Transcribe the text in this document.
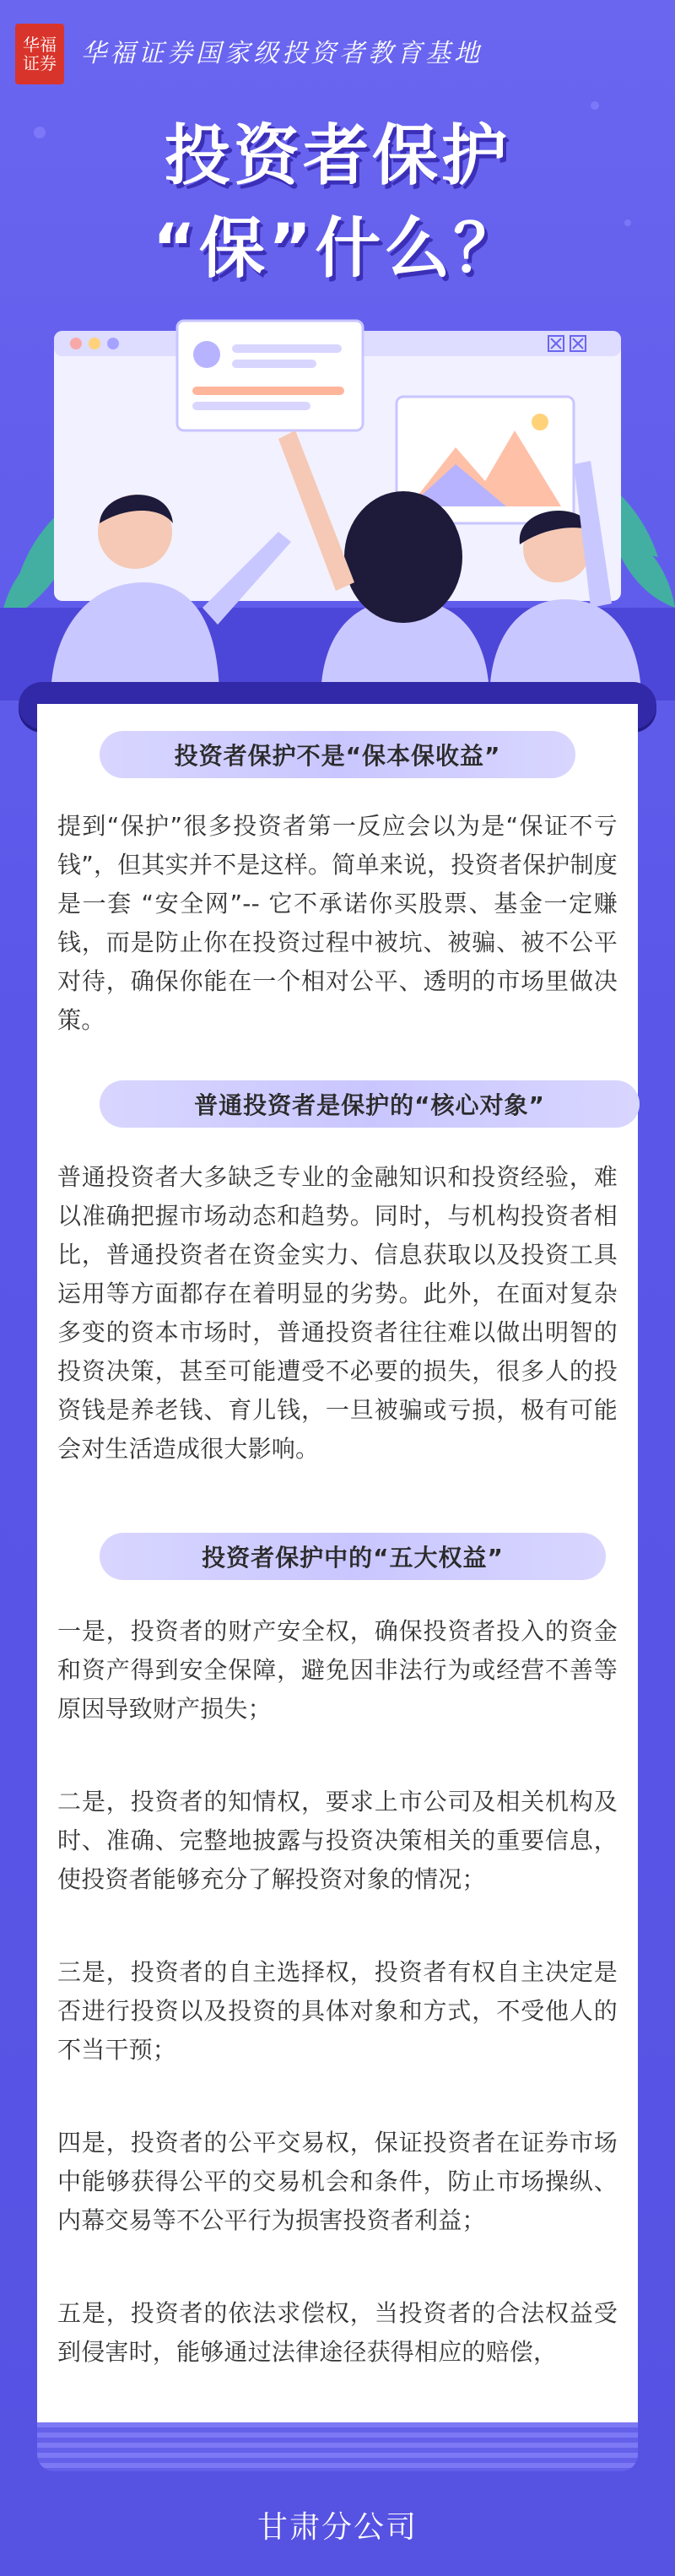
华福
证券 华福证券国家级投资者教育基地
投资者保护
“保”什么？
投资者保护不是“保本保收益”
提到“保护”很多投资者第一反应会以为是“保证不亏钱”，但其实并不是这样。简单来说，投资者保护制度是一套 “安全网”-- 它不承诺你买股票、基金一定赚钱，而是防止你在投资过程中被坑、被骗、被不公平对待，确保你能在一个相对公平、透明的市场里做决策。
普通投资者是保护的“核心对象”
普通投资者大多缺乏专业的金融知识和投资经验，难以准确把握市场动态和趋势。同时，与机构投资者相比，普通投资者在资金实力、信息获取以及投资工具运用等方面都存在着明显的劣势。此外，在面对复杂多变的资本市场时，普通投资者往往难以做出明智的投资决策，甚至可能遭受不必要的损失，很多人的投资钱是养老钱、育儿钱，一旦被骗或亏损，极有可能会对生活造成很大影响。
投资者保护中的“五大权益”
一是，投资者的财产安全权，确保投资者投入的资金和资产得到安全保障，避免因非法行为或经营不善等原因导致财产损失；
二是，投资者的知情权，要求上市公司及相关机构及时、准确、完整地披露与投资决策相关的重要信息，使投资者能够充分了解投资对象的情况；
三是，投资者的自主选择权，投资者有权自主决定是否进行投资以及投资的具体对象和方式，不受他人的不当干预；
四是，投资者的公平交易权，保证投资者在证券市场中能够获得公平的交易机会和条件，防止市场操纵、内幕交易等不公平行为损害投资者利益；
五是，投资者的依法求偿权，当投资者的合法权益受到侵害时，能够通过法律途径获得相应的赔偿，
甘肃分公司
